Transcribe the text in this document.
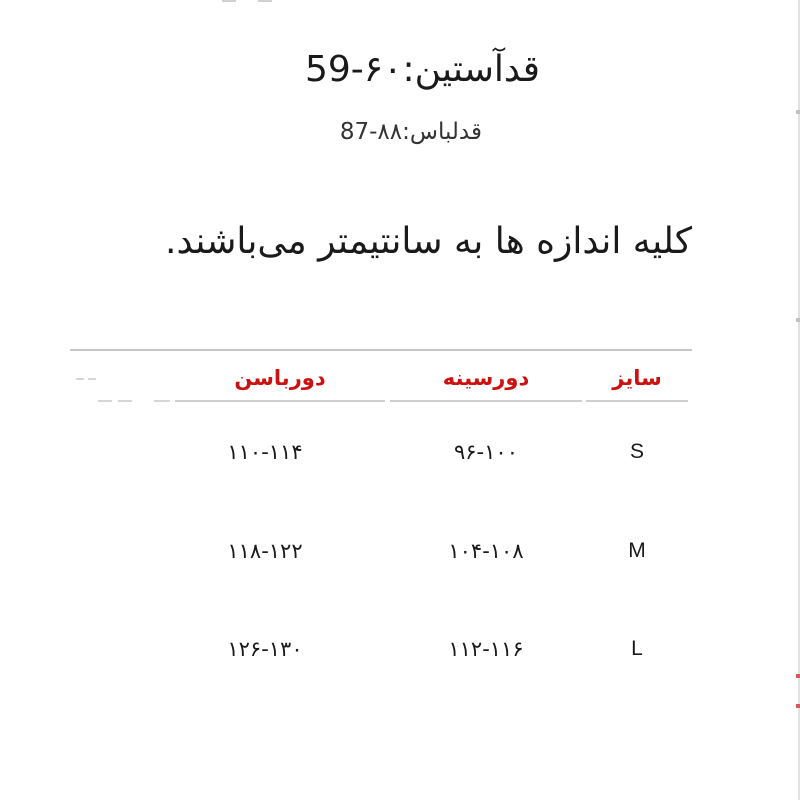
قدآستین:۶۰-59
قدلباس:۸۸-87
کلیه اندازه ها به سانتیمتر می‌باشند.
دورباسن	دورسینه	سایز
۱۱۰-۱۱۴	۹۶-۱۰۰	S
۱۱۸-۱۲۲	۱۰۴-۱۰۸	M
۱۲۶-۱۳۰	۱۱۲-۱۱۶	L
